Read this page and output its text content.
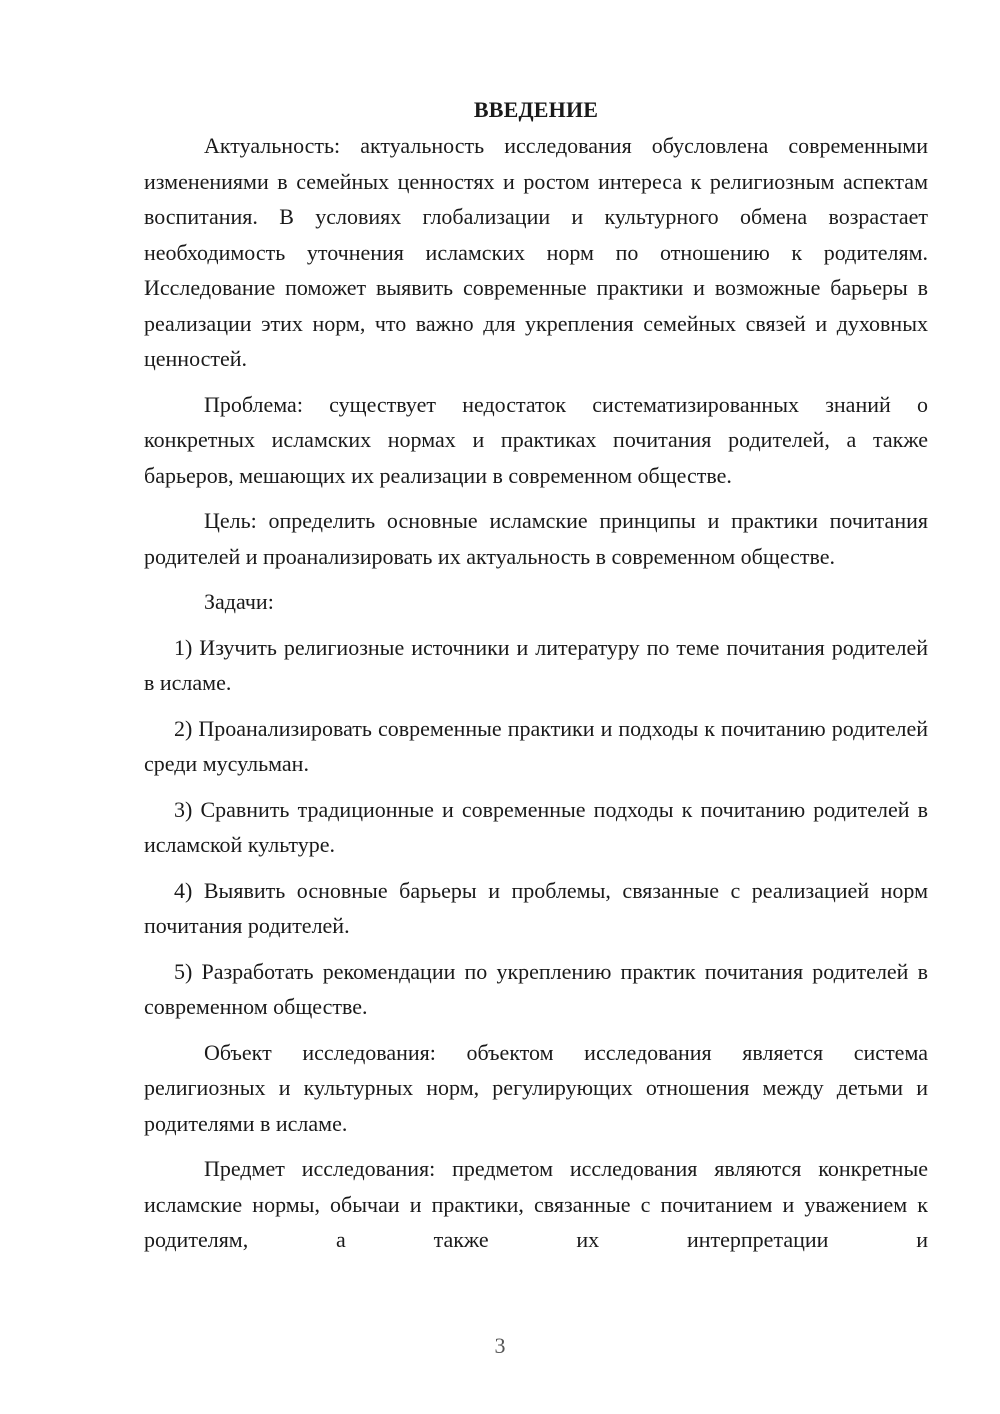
ВВЕДЕНИЕ

Актуальность: актуальность исследования обусловлена современными изменениями в семейных ценностях и ростом интереса к религиозным аспектам воспитания. В условиях глобализации и культурного обмена возрастает необходимость уточнения исламских норм по отношению к родителям. Исследование поможет выявить современные практики и возможные барьеры в реализации этих норм, что важно для укрепления семейных связей и духовных ценностей.

Проблема: существует недостаток систематизированных знаний о конкретных исламских нормах и практиках почитания родителей, а также барьеров, мешающих их реализации в современном обществе.

Цель: определить основные исламские принципы и практики почитания родителей и проанализировать их актуальность в современном обществе.

Задачи:

1) Изучить религиозные источники и литературу по теме почитания родителей в исламе.

2) Проанализировать современные практики и подходы к почитанию родителей среди мусульман.

3) Сравнить традиционные и современные подходы к почитанию родителей в исламской культуре.

4) Выявить основные барьеры и проблемы, связанные с реализацией норм почитания родителей.

5) Разработать рекомендации по укреплению практик почитания родителей в современном обществе.

Объект исследования: объектом исследования является система религиозных и культурных норм, регулирующих отношения между детьми и родителями в исламе.

Предмет исследования: предметом исследования являются конкретные исламские нормы, обычаи и практики, связанные с почитанием и уважением к родителям, а также их интерпретации и

3
